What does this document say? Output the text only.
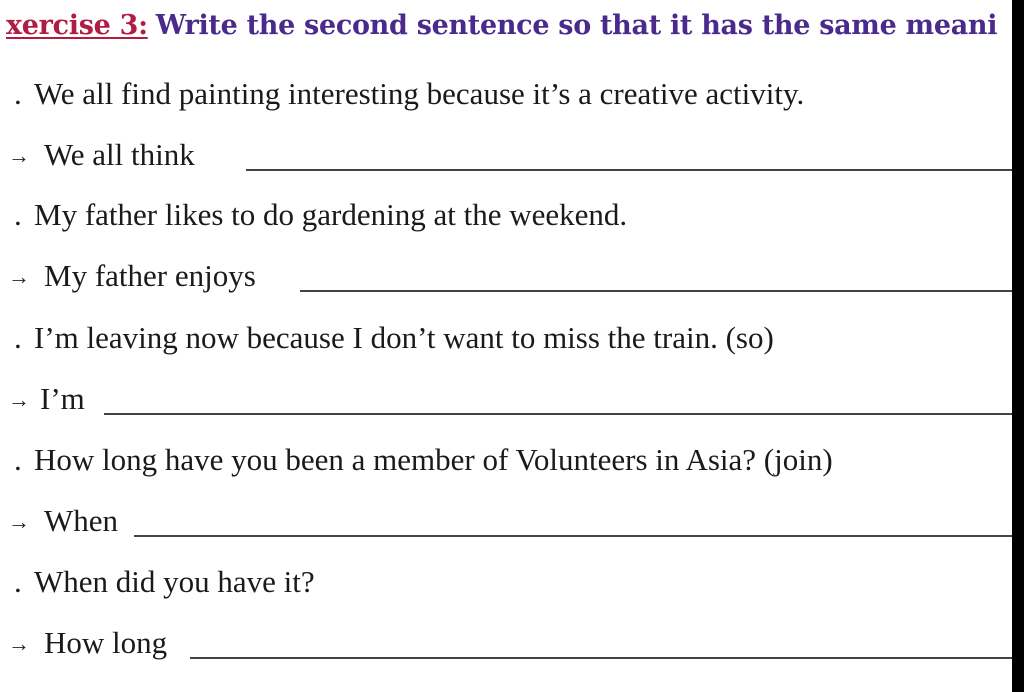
xercise 3: Write the second sentence so that it has the same meani
. We all find painting interesting because it’s a creative activity.
→ We all think
. My father likes to do gardening at the weekend.
→ My father enjoys
. I’m leaving now because I don’t want to miss the train. (so)
→ I’m
. How long have you been a member of Volunteers in Asia? (join)
→ When
. When did you have it?
→ How long
